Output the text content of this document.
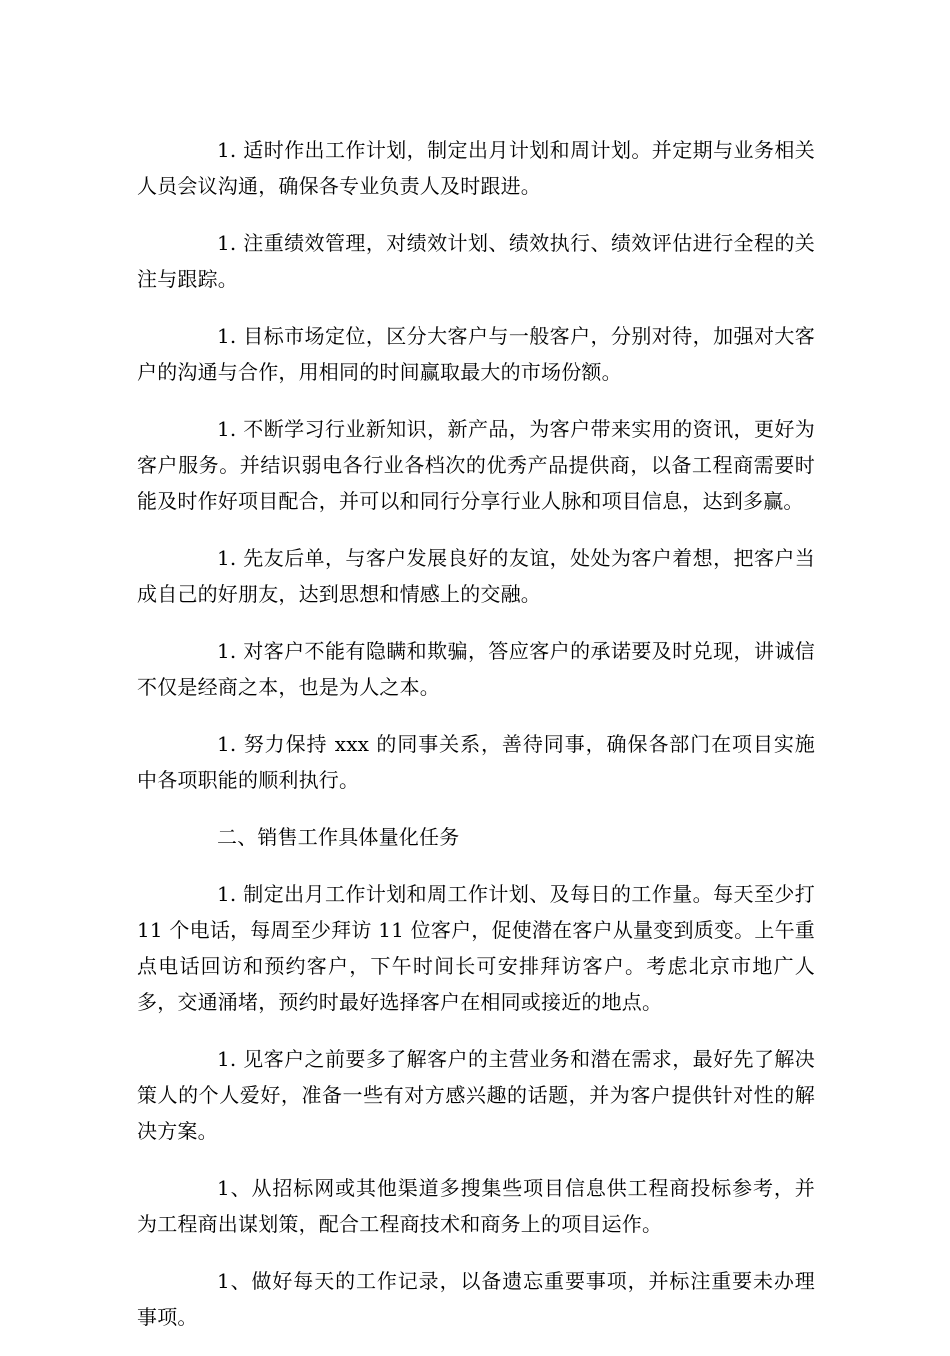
1. 适时作出工作计划，制定出月计划和周计划。并定期与业务相关人员会议沟通，确保各专业负责人及时跟进。

1. 注重绩效管理，对绩效计划、绩效执行、绩效评估进行全程的关注与跟踪。

1. 目标市场定位，区分大客户与一般客户，分别对待，加强对大客户的沟通与合作，用相同的时间赢取最大的市场份额。

1. 不断学习行业新知识，新产品，为客户带来实用的资讯，更好为客户服务。并结识弱电各行业各档次的优秀产品提供商，以备工程商需要时能及时作好项目配合，并可以和同行分享行业人脉和项目信息，达到多赢。

1. 先友后单，与客户发展良好的友谊，处处为客户着想，把客户当成自己的好朋友，达到思想和情感上的交融。

1. 对客户不能有隐瞒和欺骗，答应客户的承诺要及时兑现，讲诚信不仅是经商之本，也是为人之本。

1. 努力保持 xxx 的同事关系，善待同事，确保各部门在项目实施中各项职能的顺利执行。

二、销售工作具体量化任务

1. 制定出月工作计划和周工作计划、及每日的工作量。每天至少打 11 个电话，每周至少拜访 11 位客户，促使潜在客户从量变到质变。上午重点电话回访和预约客户，下午时间长可安排拜访客户。考虑北京市地广人多，交通涌堵，预约时最好选择客户在相同或接近的地点。

1. 见客户之前要多了解客户的主营业务和潜在需求，最好先了解决策人的个人爱好，准备一些有对方感兴趣的话题，并为客户提供针对性的解决方案。

1、从招标网或其他渠道多搜集些项目信息供工程商投标参考，并为工程商出谋划策，配合工程商技术和商务上的项目运作。

1、做好每天的工作记录，以备遗忘重要事项，并标注重要未办理事项。
